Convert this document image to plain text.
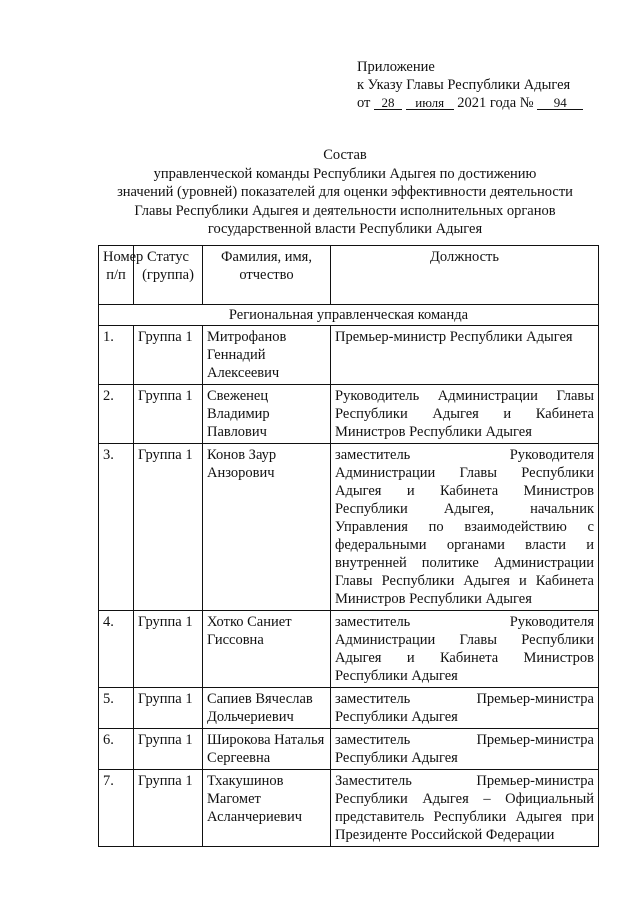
Приложение
к Указу Главы Республики Адыгея
от 28 июля 2021 года № 94
Состав
управленческой команды Республики Адыгея по достижению
значений (уровней) показателей для оценки эффективности деятельности
Главы Республики Адыгея и деятельности исполнительных органов
государственной власти Республики Адыгея
Номер п/п	Статус (группа)	Фамилия, имя, отчество	Должность
Региональная управленческая команда			
1.	Группа 1	Митрофанов Геннадий Алексеевич	Премьер-министр Республики Адыгея
2.	Группа 1	Свеженец Владимир Павлович	Руководитель Администрации Главы Республики Адыгея и Кабинета Министров Республики Адыгея
3.	Группа 1	Конов Заур Анзорович	заместитель Руководителя Администрации Главы Республики Адыгея и Кабинета Министров Республики Адыгея, начальник Управления по взаимодействию с федеральными органами власти и внутренней политике Администрации Главы Республики Адыгея и Кабинета Министров Республики Адыгея
4.	Группа 1	Хотко Саниет Гиссовна	заместитель Руководителя Администрации Главы Республики Адыгея и Кабинета Министров Республики Адыгея
5.	Группа 1	Сапиев Вячеслав Дольчериевич	заместитель Премьер-министра Республики Адыгея
6.	Группа 1	Широкова Наталья Сергеевна	заместитель Премьер-министра Республики Адыгея
7.	Группа 1	Тхакушинов Магомет Асланчериевич	Заместитель Премьер-министра Республики Адыгея – Официальный представитель Республики Адыгея при Президенте Российской Федерации
